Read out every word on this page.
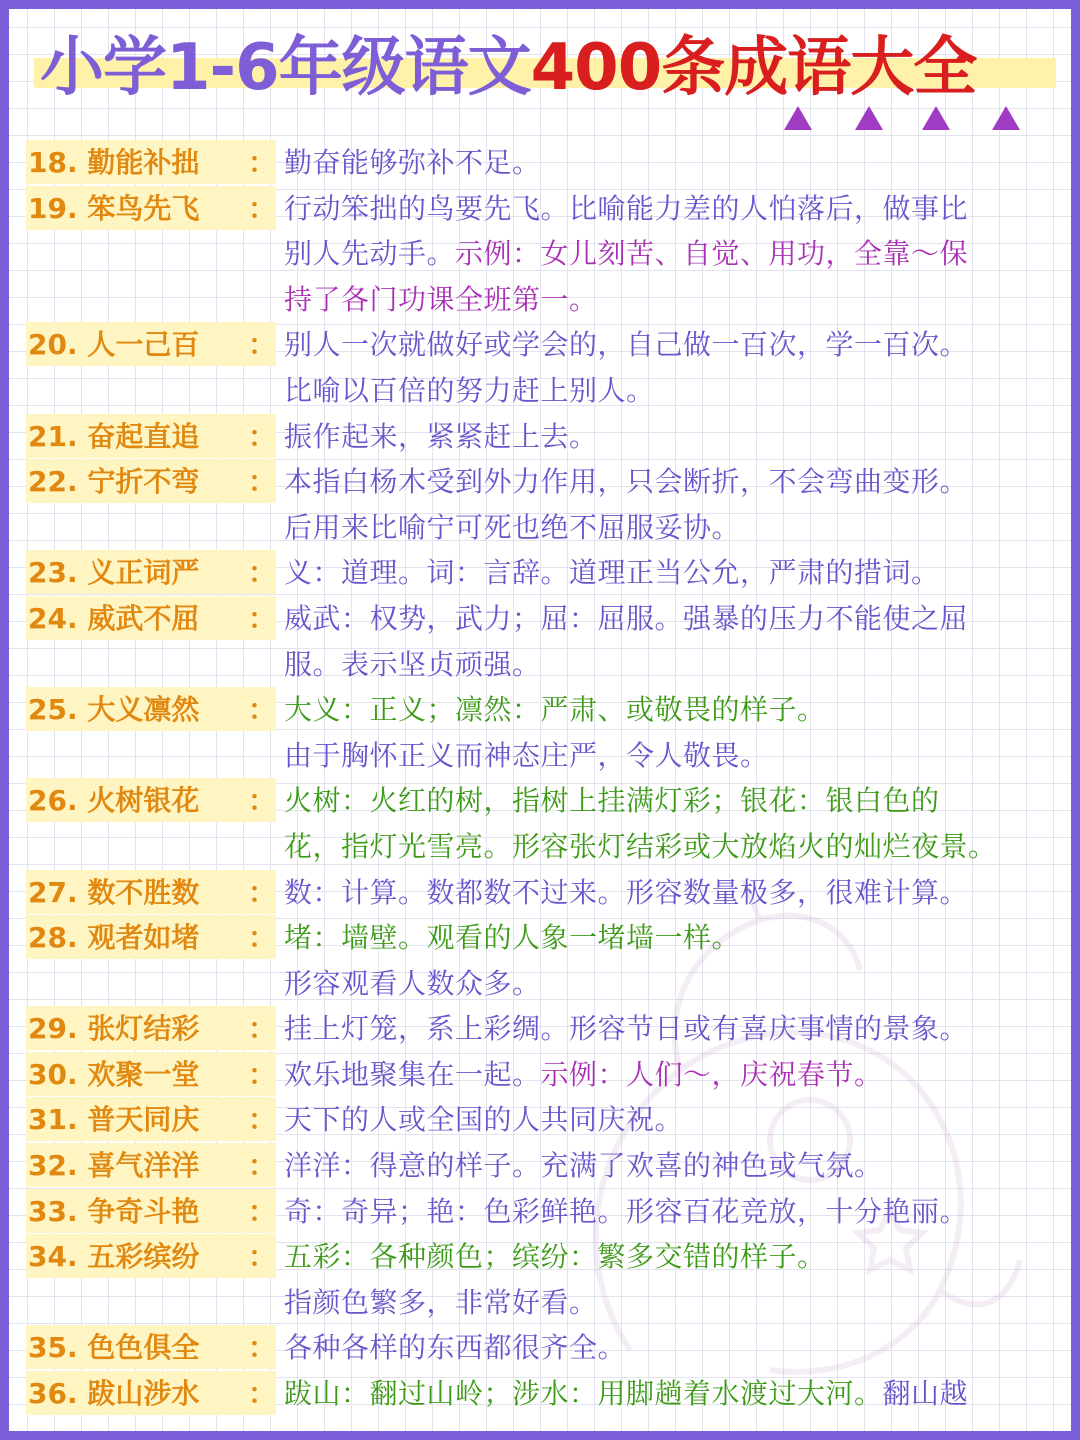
小学1-6年级语文400条成语大全
18. 勤能补拙	： 勤奋能够弥补不足。
19. 笨鸟先飞	： 行动笨拙的鸟要先飞。比喻能力差的人怕落后，做事比
别人先动手。示例：女儿刻苦、自觉、用功，全靠～保
持了各门功课全班第一。
20. 人一己百	： 别人一次就做好或学会的，自己做一百次，学一百次。
比喻以百倍的努力赶上别人。
21. 奋起直追	： 振作起来，紧紧赶上去。
22. 宁折不弯	： 本指白杨木受到外力作用，只会断折，不会弯曲变形。
后用来比喻宁可死也绝不屈服妥协。
23. 义正词严	： 义：道理。词：言辞。道理正当公允，严肃的措词。
24. 威武不屈	： 威武：权势，武力；屈：屈服。强暴的压力不能使之屈
服。表示坚贞顽强。
25. 大义凛然	： 大义：正义；凛然：严肃、或敬畏的样子。
由于胸怀正义而神态庄严，令人敬畏。
26. 火树银花	： 火树：火红的树，指树上挂满灯彩；银花：银白色的
花，指灯光雪亮。形容张灯结彩或大放焰火的灿烂夜景。
27. 数不胜数	： 数：计算。数都数不过来。形容数量极多，很难计算。
28. 观者如堵	： 堵：墙壁。观看的人象一堵墙一样。
形容观看人数众多。
29. 张灯结彩	： 挂上灯笼，系上彩绸。形容节日或有喜庆事情的景象。
30. 欢聚一堂	： 欢乐地聚集在一起。示例：人们～，庆祝春节。
31. 普天同庆	： 天下的人或全国的人共同庆祝。
32. 喜气洋洋	： 洋洋：得意的样子。充满了欢喜的神色或气氛。
33. 争奇斗艳	： 奇：奇异；艳：色彩鲜艳。形容百花竞放，十分艳丽。
34. 五彩缤纷	： 五彩：各种颜色；缤纷：繁多交错的样子。
指颜色繁多，非常好看。
35. 色色俱全	： 各种各样的东西都很齐全。
36. 跋山涉水	： 跋山：翻过山岭；涉水：用脚趟着水渡过大河。翻山越
